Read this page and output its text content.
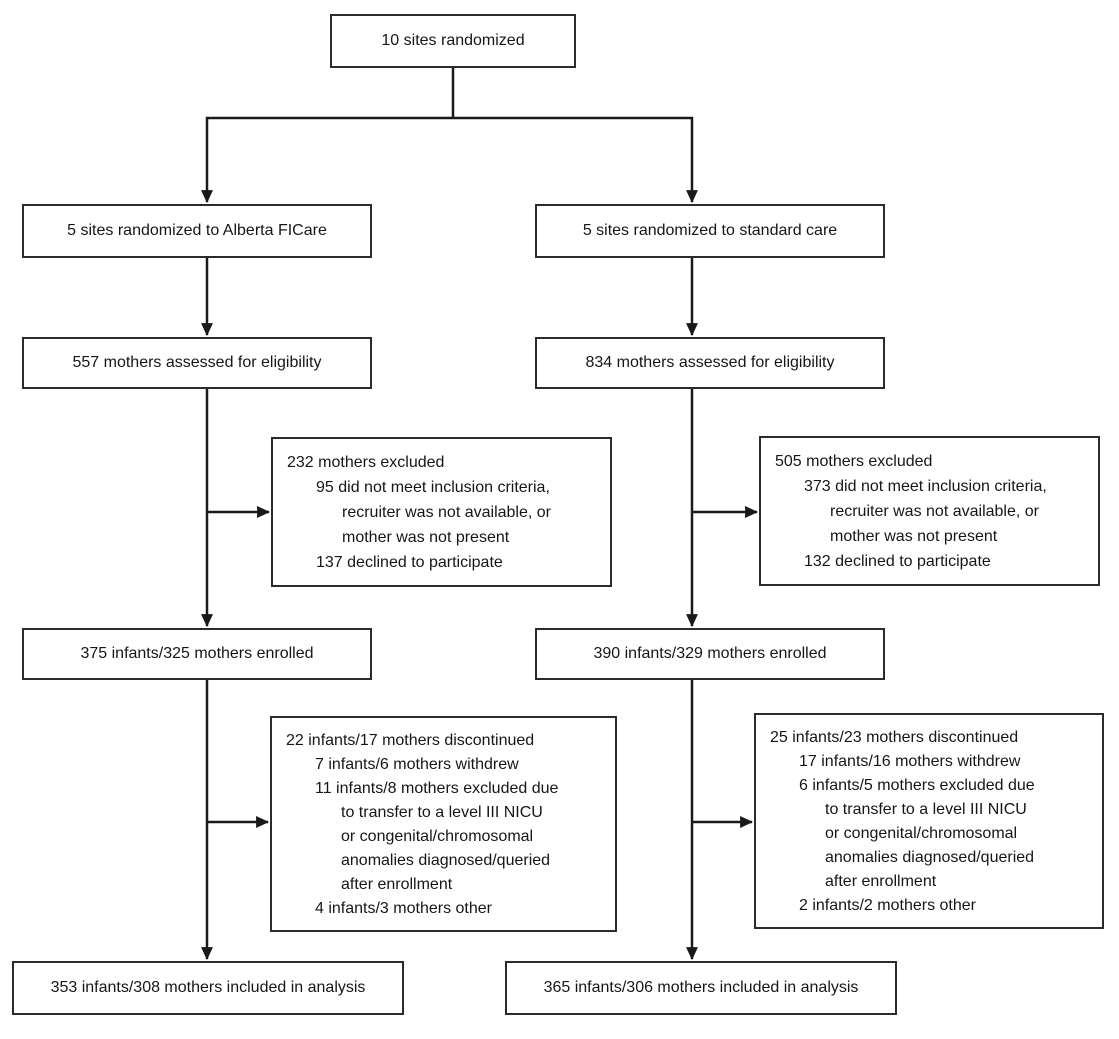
10 sites randomized
5 sites randomized to Alberta FICare	5 sites randomized to standard care
557 mothers assessed for eligibility	834 mothers assessed for eligibility
232 mothers excluded
95 did not meet inclusion criteria,
recruiter was not available, or
mother was not present
137 declined to participate
505 mothers excluded
373 did not meet inclusion criteria,
recruiter was not available, or
mother was not present
132 declined to participate
375 infants/325 mothers enrolled	390 infants/329 mothers enrolled
22 infants/17 mothers discontinued
7 infants/6 mothers withdrew
11 infants/8 mothers excluded due
to transfer to a level III NICU
or congenital/chromosomal
anomalies diagnosed/queried
after enrollment
4 infants/3 mothers other
25 infants/23 mothers discontinued
17 infants/16 mothers withdrew
6 infants/5 mothers excluded due
to transfer to a level III NICU
or congenital/chromosomal
anomalies diagnosed/queried
after enrollment
2 infants/2 mothers other
353 infants/308 mothers included in analysis	365 infants/306 mothers included in analysis
